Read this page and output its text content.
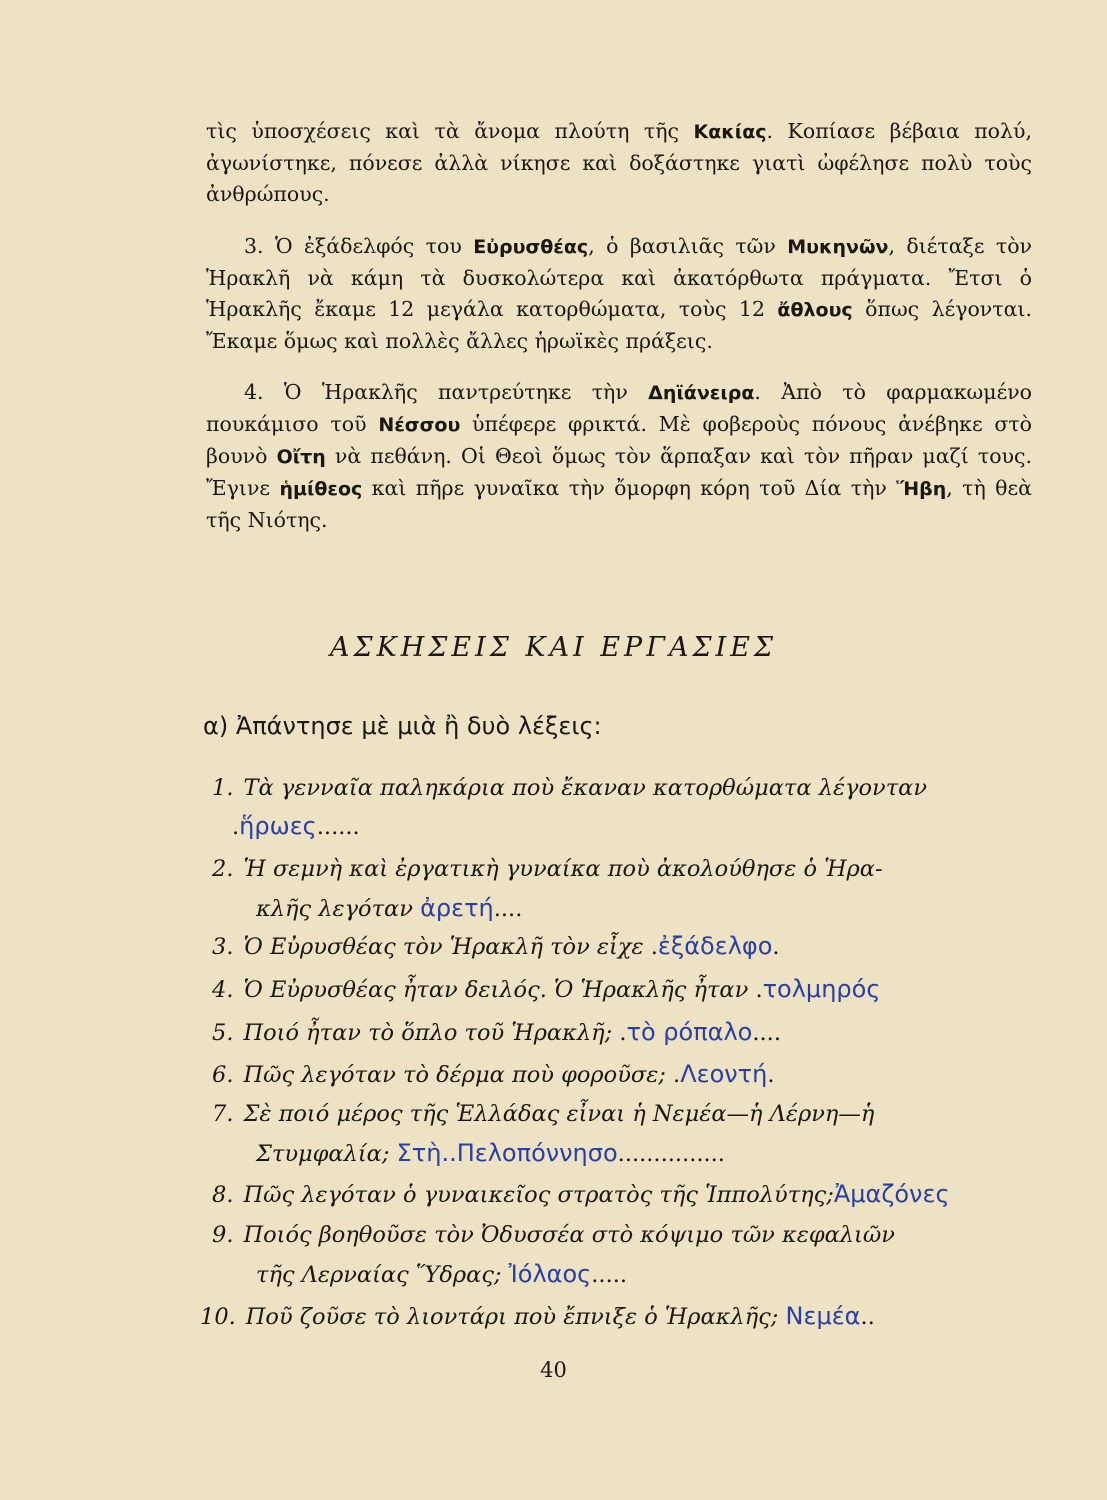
τὶς ὑποσχέσεις καὶ τὰ ἄνομα πλούτη τῆς Κακίας. Κοπίασε βέβαια πολύ, ἀγωνίστηκε, πόνεσε ἀλλὰ νίκησε καὶ δοξάστηκε γιατὶ ὠφέλησε πολὺ τοὺς ἀνθρώπους.

3. Ὁ ἐξάδελφός του Εὐρυσθέας, ὁ βασιλιᾶς τῶν Μυκηνῶν, διέταξε τὸν Ἡρακλῆ νὰ κάμη τὰ δυσκολώτερα καὶ ἀκατόρθωτα πράγματα. Ἔτσι ὁ Ἡρακλῆς ἔκαμε 12 μεγάλα κατορθώματα, τοὺς 12 ἄθλους ὅπως λέγονται. Ἔκαμε ὅμως καὶ πολλὲς ἄλλες ἡρωϊκὲς πράξεις.

4. Ὁ Ἡρακλῆς παντρεύτηκε τὴν Δηϊάνειρα. Ἀπὸ τὸ φαρμακωμένο πουκάμισο τοῦ Νέσσου ὑπέφερε φρικτά. Μὲ φοβεροὺς πόνους ἀνέβηκε στὸ βουνὸ Οἴτη νὰ πεθάνη. Οἱ Θεοὶ ὅμως τὸν ἅρπαξαν καὶ τὸν πῆραν μαζί τους. Ἔγινε ἡμίθεος καὶ πῆρε γυναῖκα τὴν ὄμορφη κόρη τοῦ Δία τὴν Ἥβη, τὴ θεὰ τῆς Νιότης.

ΑΣΚΗΣΕΙΣ ΚΑΙ ΕΡΓΑΣΙΕΣ
α) Ἀπάντησε μὲ μιὰ ἢ δυὸ λέξεις:
1. Τὰ γενναῖα παληκάρια ποὺ ἔκαναν κατορθώματα λέγονταν
.ἥρωες......
2. Ἡ σεμνὴ καὶ ἐργατικὴ γυναίκα ποὺ ἀκολούθησε ὁ Ἡρα-
κλῆς λεγόταν ἀρετή....
3. Ὁ Εὐρυσθέας τὸν Ἡρακλῆ τὸν εἶχε .ἐξάδελφο.
4. Ὁ Εὐρυσθέας ἦταν δειλός. Ὁ Ἡρακλῆς ἦταν .τολμηρός
5. Ποιό ἦταν τὸ ὅπλο τοῦ Ἡρακλῆ; .τὸ ρόπαλο....
6. Πῶς λεγόταν τὸ δέρμα ποὺ φοροῦσε; .Λεοντή.
7. Σὲ ποιό μέρος τῆς Ἑλλάδας εἶναι ἡ Νεμέα—ἡ Λέρνη—ἡ
Στυμφαλία; Στὴ..Πελοπόννησο...............
8. Πῶς λεγόταν ὁ γυναικεῖος στρατὸς τῆς Ἱππολύτης;Ἀμαζόνες
9. Ποιός βοηθοῦσε τὸν Ὀδυσσέα στὸ κόψιμο τῶν κεφαλιῶν
τῆς Λερναίας Ὕδρας; Ἰόλαος.....
10. Ποῦ ζοῦσε τὸ λιοντάρι ποὺ ἔπνιξε ὁ Ἡρακλῆς; Νεμέα..
40
